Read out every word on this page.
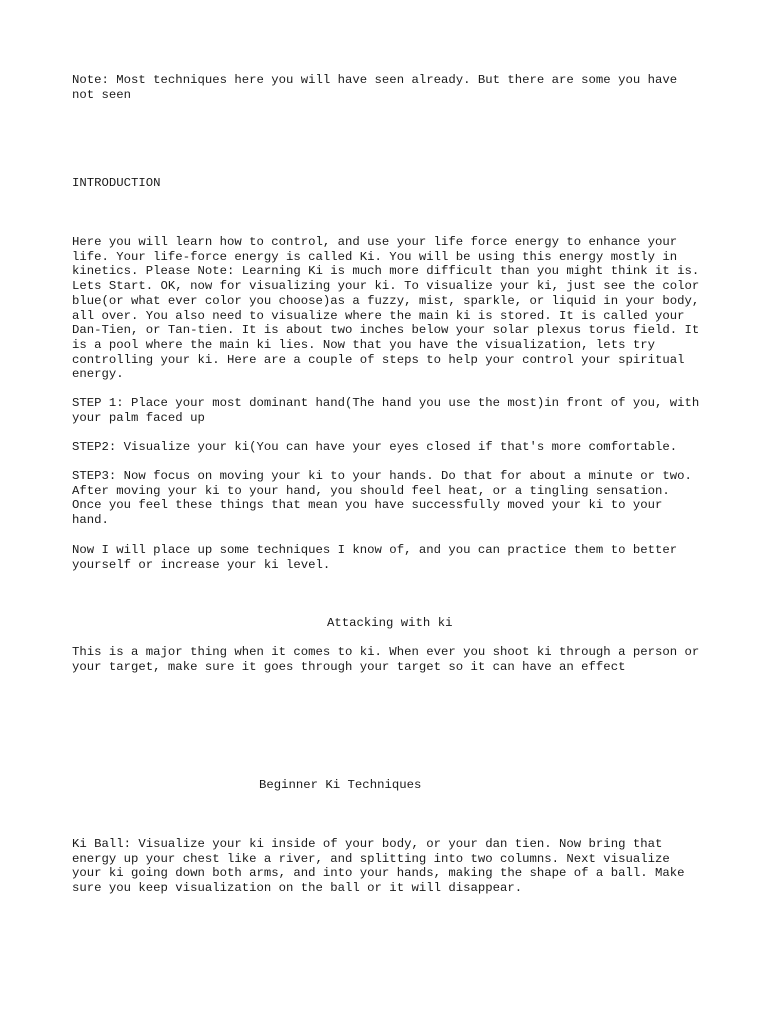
Note: Most techniques here you will have seen already. But there are some you have not seen

INTRODUCTION

Here you will learn how to control, and use your life force energy to enhance your life. Your life-force energy is called Ki. You will be using this energy mostly in kinetics. Please Note: Learning Ki is much more difficult than you might think it is. Lets Start. OK, now for visualizing your ki. To visualize your ki, just see the color blue(or what ever color you choose)as a fuzzy, mist, sparkle, or liquid in your body, all over. You also need to visualize where the main ki is stored. It is called your Dan-Tien, or Tan-tien. It is about two inches below your solar plexus torus field. It is a pool where the main ki lies. Now that you have the visualization, lets try controlling your ki. Here are a couple of steps to help your control your spiritual energy.

STEP 1: Place your most dominant hand(The hand you use the most)in front of you, with your palm faced up

STEP2: Visualize your ki(You can have your eyes closed if that's more comfortable.

STEP3: Now focus on moving your ki to your hands. Do that for about a minute or two. After moving your ki to your hand, you should feel heat, or a tingling sensation. Once you feel these things that mean you have successfully moved your ki to your hand.

Now I will place up some techniques I know of, and you can practice them to better yourself or increase your ki level.

Attacking with ki

This is a major thing when it comes to ki. When ever you shoot ki through a person or your target, make sure it goes through your target so it can have an effect

Beginner Ki Techniques

Ki Ball: Visualize your ki inside of your body, or your dan tien. Now bring that energy up your chest like a river, and splitting into two columns. Next visualize your ki going down both arms, and into your hands, making the shape of a ball. Make sure you keep visualization on the ball or it will disappear.
